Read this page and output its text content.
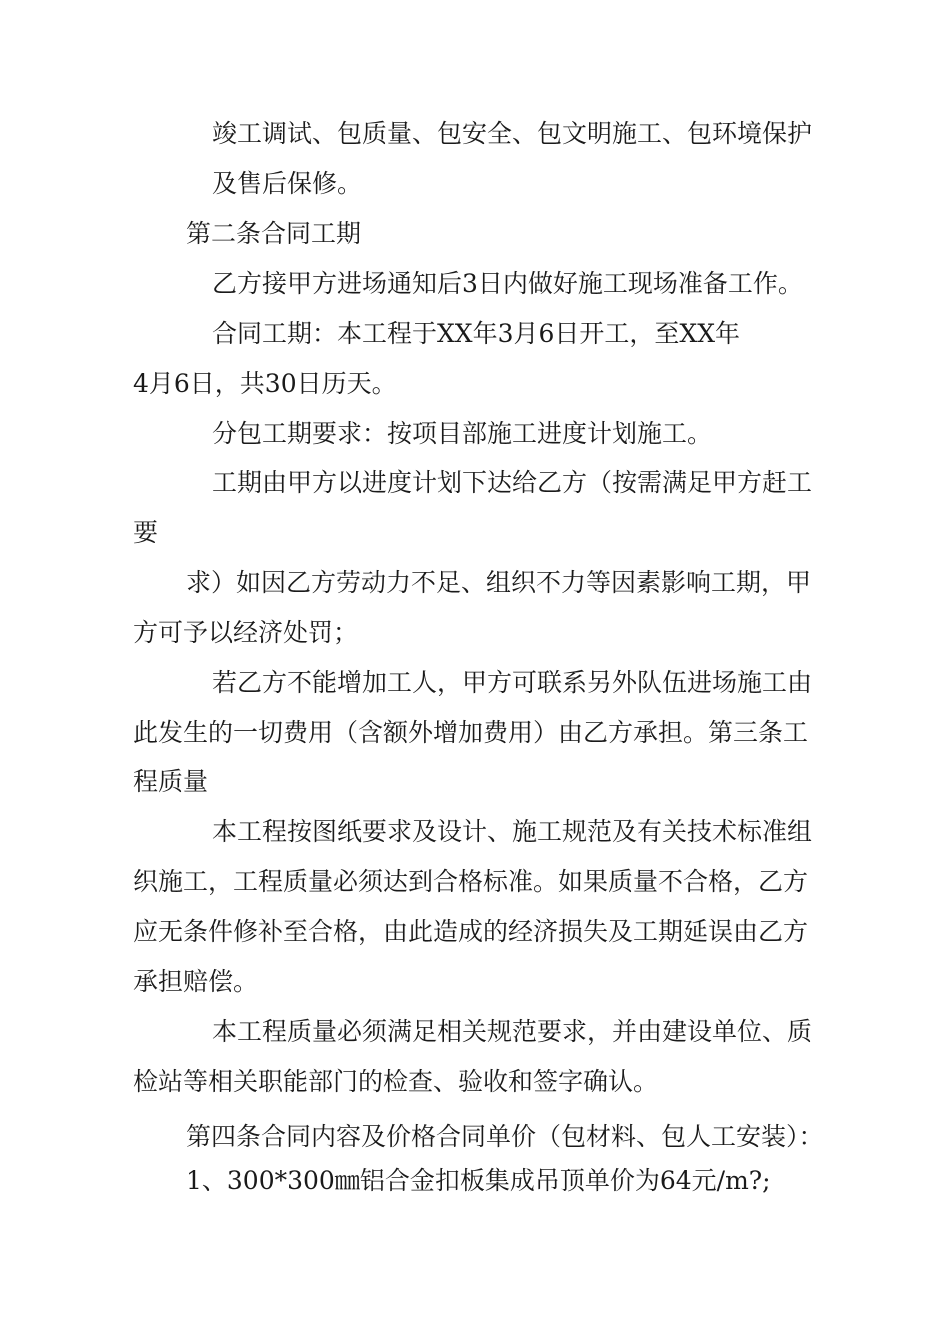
竣工调试、包质量、包安全、包文明施工、包环境保护

及售后保修。

第二条合同工期

乙方接甲方进场通知后3日内做好施工现场准备工作。

合同工期：本工程于XX年3月6日开工，至XX年

4月6日，共30日历天。

分包工期要求：按项目部施工进度计划施工。

工期由甲方以进度计划下达给乙方（按需满足甲方赶工

要

求）如因乙方劳动力不足、组织不力等因素影响工期，甲

方可予以经济处罚；

若乙方不能增加工人，甲方可联系另外队伍进场施工由

此发生的一切费用（含额外增加费用）由乙方承担。第三条工

程质量

本工程按图纸要求及设计、施工规范及有关技术标准组

织施工，工程质量必须达到合格标准。如果质量不合格，乙方

应无条件修补至合格，由此造成的经济损失及工期延误由乙方

承担赔偿。

本工程质量必须满足相关规范要求，并由建设单位、质

检站等相关职能部门的检查、验收和签字确认。

第四条合同内容及价格合同单价（包材料、包人工安装）：

1、300*300㎜铝合金扣板集成吊顶单价为64元/m?;
